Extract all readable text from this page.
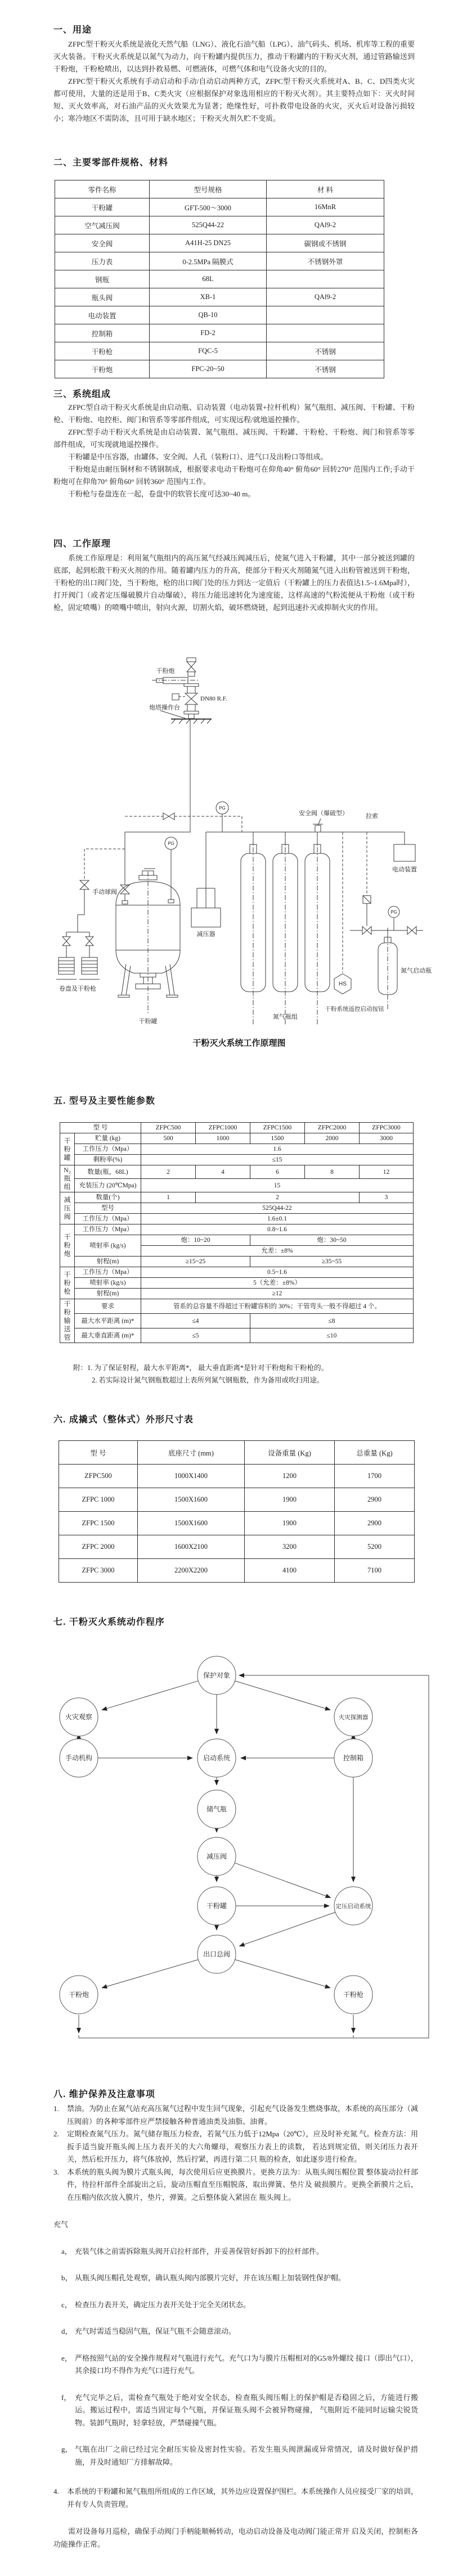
一、用途

ZFPC型干粉灭火系统是液化天然气船（LNG）、液化石油气船（LPG）、油气码头、机场、机库等工程的重要灭火装备。干粉灭火系统是以氮气为动力，向干粉罐内提供压力，推动干粉罐内的干粉灭火剂，通过管路输送到干粉炮，干粉枪喷出，以达到扑救易燃、可燃液体，可燃气体和电气设备火灾的目的。

ZFPC型干粉灭火系统有手动启动和手动/自动启动两种方式，ZFPC型干粉灭火系统对A、B、C、D四类火灾都可使用，大量的还是用于B、C类火灾（应根据保护对象选用相应的干粉灭火剂）。其主要特点如下：灭火时间短、灭火效率高，对石油产品的灭火效果尤为显著；绝缘性好，可扑救带电设备的火灾，灭火后对设备污损较小；寒冷地区不需防冻，且可用于缺水地区；干粉灭火剂久贮不变质。

二、主要零部件规格、材料
零件名称	型号规格	材 料
干粉罐	GFT-500～3000	16MnR
空气减压阀	525Q44-22	QAl9-2
安全阀	A41H-25 DN25	碳钢或不锈钢
压力表	0-2.5MPa 隔膜式	不锈钢外罩
钢瓶	68L	
瓶头阀	XB-1	QAl9-2
电动装置	QB-10	
控制箱	FD-2	
干粉枪	FQC-5	不锈钢
干粉炮	FPC-20~50	不锈钢
三、系统组成

ZFPC型自动干粉灭火系统是由启动瓶、启动装置（电动装置+拉杆机构）氮气瓶组、减压阀、干粉罐、干粉枪、干粉炮、电控柜、阀门和管系等零部件组成，可实现远程/就地遥控操作。

ZFPC型手动干粉灭火系统是由启动装置、氮气瓶组、减压阀、干粉罐、干粉枪、干粉炮、阀门和管系等零部件组成，可实现就地遥控操作。

干粉罐是中压容器，由罐体、安全阀、人孔（装粉口）、进气口及出粉口等组成。

干粉炮是由耐压铜材和不锈钢制成，根据要求电动干粉炮可在仰角40° 俯角60° 回转270° 范围内工作;手动干粉炮可在仰角70° 俯角60° 回转360° 范围内工作。

干粉枪与卷盘连在一起，卷盘中的软管长度可达30~40 m。

四、工作原理

系统工作原理是：利用氮气瓶组内的高压氮气经减压阀减压后，使氮气进入干粉罐，其中一部分被送到罐的底部，起到松散干粉灭火剂的作用。随着罐内压力的升高，使部分干粉灭火剂随氮气进入出粉管被送到干粉炮，干粉枪的出口阀门处，当干粉炮，枪的出口阀门处的压力到达一定值后（干粉罐上的压力表值达1.5~1.6Mpa时），打开阀门（或者定压爆破膜片自动爆破），将压力能迅速转化为速度能，这样高速的气粉流便从干粉炮（或干粉枪，固定喷嘴）的喷嘴中喷出，射向火源，切割火焰，破坏燃烧链，起到迅速扑灭或抑制火灾的作用。

干粉炮
DN80 R.F.
炮塔操作台
手动球阀
PG
PG
PG
安全阀（爆破型）	拉索
电动装置
减压器
卷盘及干粉枪
干粉罐
氮气瓶组
HS
干粉系统遥控启动按钮
氮气启动瓶
干粉灭火系统工作原理图
五. 型号及主要性能参数
型 号		ZFPC500	ZFPC1000	ZFPC1500	ZFPC2000	ZFPC3000
干粉罐	贮量 (kg)	500	1000	1500	2000	3000
	工作压力（Mpa）	1.6				
	剩粉率(%)	≤15				
N₂瓶组	数量(瓶，68L)	2	4	6	8	12
	充装压力 (20℃Mpa)	15				
减压阀	数量(个)	1	2			3
	型号	525Q44-22				
	工作压力（Mpa）	1.6±0.1				
干粉炮	工作压力（Mpa）	0.8~1.6				
	喷射率 (kg/s)	炮：10~20		炮：30~50		
		允差：±8%				
	射程(m)	≥15~25		≥35~55		
干粉枪	工作压力（Mpa）	0.5~1.6				
	喷射率 (kg/s)	5（允差：±8%）				
	射程(m)	≥12				
干粉输送管	要求	管系的总容量不得超过干粉罐容积的 30%；干管弯头一般不得超过 4 个。				
	最大水平距离 (m)*	≤4		≤8		
	最大垂直距离 (m)*	≤5		≤10		

附：1. 为了保证射程，最大水平距离*， 最大垂直距离*是针对干粉炮和干粉枪的。

2. 若实际设计氮气钢瓶数超过上表所列氮气钢瓶数，作为备用或吹扫用途。

六. 成撬式（整体式）外形尺寸表
型 号	底座尺寸 (mm)	设备重量 (Kg)	总重量 (Kg)
ZFPC500	1000X1400	1200	1700
ZFPC 1000	1500X1600	1900	2900
ZFPC 1500	1500X1600	1900	2900
ZFPC 2000	1600X2100	3200	5200
ZFPC 3000	2200X2200	4100	7100
七. 干粉灭火系统动作程序
保护对象
火灾观察	火灾探测器
手动机构	启动系统	控制箱
储气瓶
减压阀
干粉罐	定压启动系统
出口总阀
干粉炮	干粉枪
八. 维护保养及注意事项
1.	禁油。为防止在氮气站充高压氮气过程中发生回气现象，引起充气设备发生燃烧事故，本系统的高压部分（减压阀前）的各种零部件应严禁接触各种普通油类及油脂、油膏。
2.	定期检查氮气压力。氮气储存瓶压力检查，若氮气压力低于12Mpa（20℃），应及时补充氮 气。检查方法：用扳手适当旋开瓶头阀上压力表开关的大六角螺母，观察压力表上的读数， 若达到规定值，则关闭压力表开关，然后松开压力，将气体放掉，然后拧紧，再进行第二只 瓶的检查，如此逐步进行检查。
3.	本系统的瓶头阀为膜片式瓶头阀，每次使用后应更换膜片。更换方法为：从瓶头阀压帽位置 整体旋动拉杆部件，待拉杆部件全部旋出之后，旋动压帽直至压帽脱落，取出弹簧、垫片及 破损膜片。更换全新膜片之后，在压帽内依次放入膜片，垫片，弹簧。之后整体旋入紧固在 瓶头阀上。
充气
a， 充装气体之前需拆除瓶头阀开启拉杆部件，并妥善保管好拆卸下的拉杆部件。
b， 从瓶头阀压帽孔处观察，确认瓶头阀内部膜片完好，并在该压帽上加装钢性保护帽。
c， 检查压力表开关，确定压力表开关处于完全关闭状态。
d， 充气时需适当稳固气瓶，保证气瓶不会随意滚动。
e， 严格按照气站的安全操作规程对气瓶进行充气。充气口为与膜片压帽相对的G5/8外螺纹 接口（即出气口），其余接口均不得作为充气口进行充气。
f， 充气完毕之后，需检查气瓶处于绝对安全状态，检查瓶头阀压帽上的保护帽是否稳固之后，方能进行搬运。搬运过程中，需适当固定每个气瓶，并保证瓶头阀不会被异物碰撞， 气瓶附近不能同时运输尖锐货物。装卸气瓶时，轻拿轻放，严禁碰撞气瓶。
g， 气瓶在出厂之前已经过完全耐压实验及密封性实验。若发生瓶头阀泄漏或异常情况，请及时做好保护措施，并及时通知厂方排解故障。
4.	本系统的干粉罐和氮气瓶组所组成的工作区域，其外边应设置保护围栏。本系统操作人员应接受厂家的培训，并有专人负责管理。

需对设备每月巡检，确保手动阀门手柄能顺畅转动，电动启动设备及电动阀门能正常开 启及关闭，控制柜各功能操作正常。
